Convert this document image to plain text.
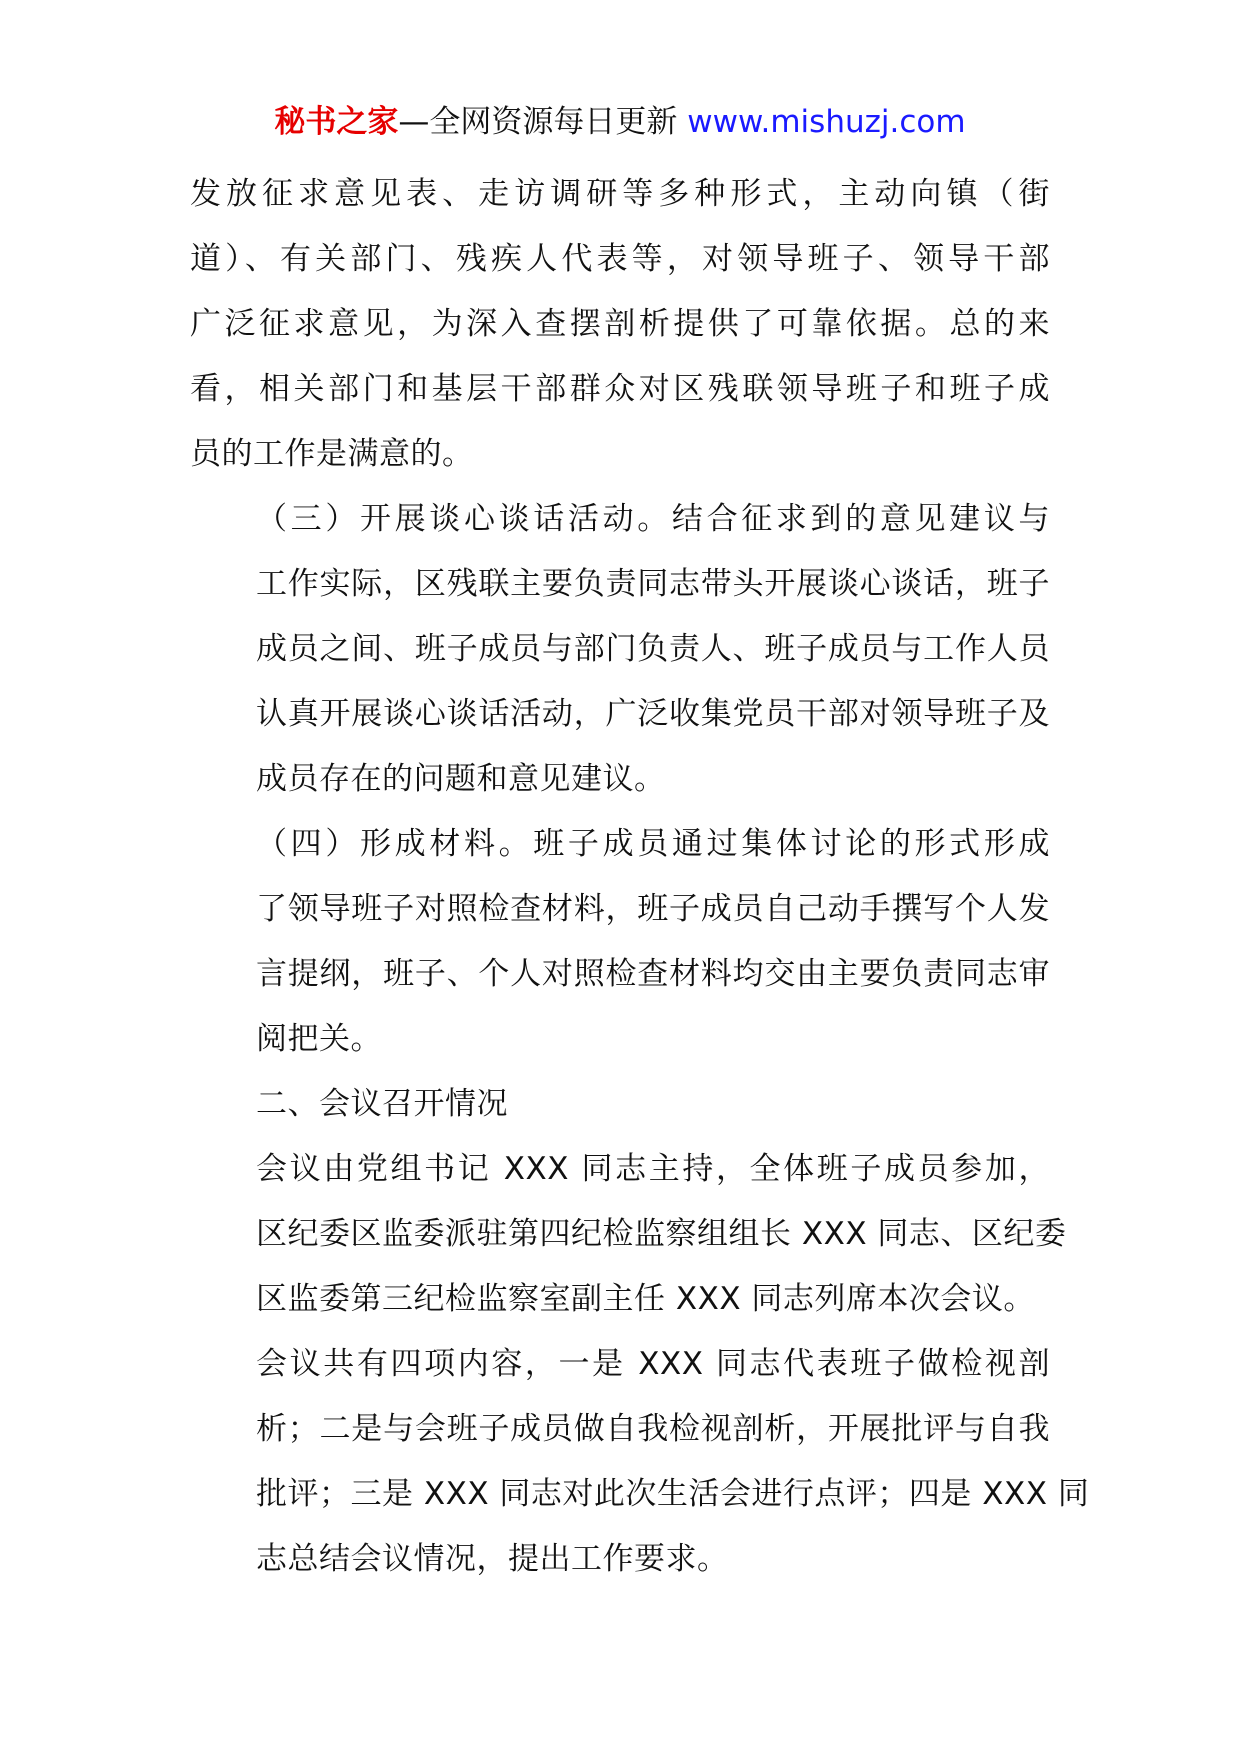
秘书之家—全网资源每日更新 www.mishuzj.com

发放征求意见表、走访调研等多种形式，主动向镇（街
道）、有关部门、残疾人代表等，对领导班子、领导干部
广泛征求意见，为深入查摆剖析提供了可靠依据。总的来
看，相关部门和基层干部群众对区残联领导班子和班子成
员的工作是满意的。

（三）开展谈心谈话活动。结合征求到的意见建议与
工作实际，区残联主要负责同志带头开展谈心谈话，班子
成员之间、班子成员与部门负责人、班子成员与工作人员
认真开展谈心谈话活动，广泛收集党员干部对领导班子及
成员存在的问题和意见建议。

（四）形成材料。班子成员通过集体讨论的形式形成
了领导班子对照检查材料，班子成员自己动手撰写个人发
言提纲，班子、个人对照检查材料均交由主要负责同志审
阅把关。

二、会议召开情况

会议由党组书记 XXX 同志主持，全体班子成员参加，
区纪委区监委派驻第四纪检监察组组长 XXX 同志、区纪委
区监委第三纪检监察室副主任 XXX 同志列席本次会议。

会议共有四项内容，一是 XXX 同志代表班子做检视剖
析；二是与会班子成员做自我检视剖析，开展批评与自我
批评；三是 XXX 同志对此次生活会进行点评；四是 XXX 同
志总结会议情况，提出工作要求。
